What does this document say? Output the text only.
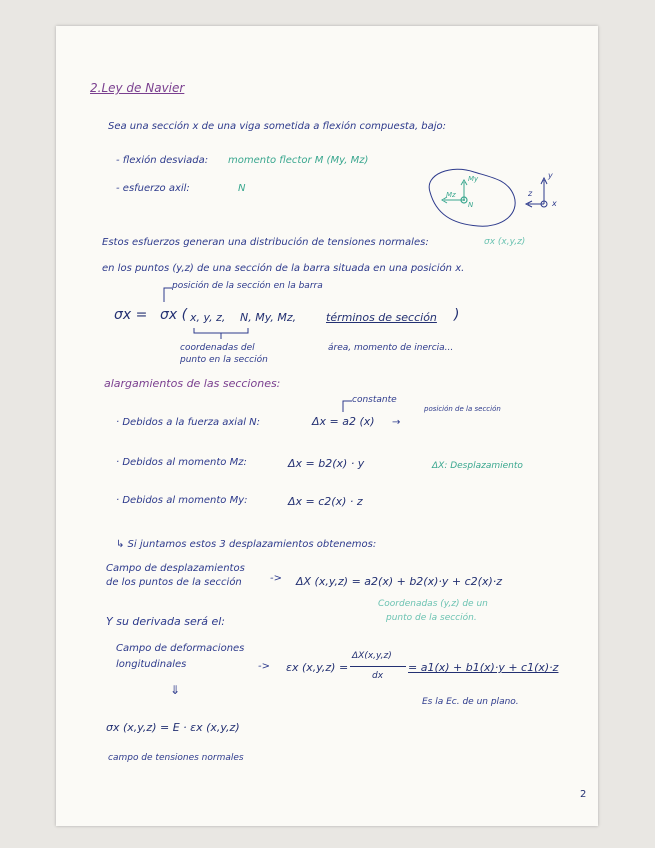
2.Ley de Navier
Sea una sección x de una viga sometida a flexión compuesta, bajo:
- flexión desviada: momento flector M (My, Mz)
- esfuerzo axil:	N
My
Mz
N
y
z
x
Estos esfuerzos generan una distribución de tensiones normales:	σx (x,y,z)
en los puntos (y,z) de una sección de la barra situada en una posición x.
posición de la sección en la barra
σx = σx ( x, y, z, N, My, Mz,	términos de sección )
coordenadas del
punto en la sección
área, momento de inercia...
alargamientos de las secciones:
constante
posición de la sección
· Debidos a la fuerza axial N:	Δx = a2 (x) →
· Debidos al momento Mz:	Δx = b2(x) · y	ΔX: Desplazamiento
· Debidos al momento My:	Δx = c2(x) · z
↳ Si juntamos estos 3 desplazamientos obtenemos:
Campo de desplazamientos
de los puntos de la sección	-> ΔX (x,y,z) = a2(x) + b2(x)·y + c2(x)·z
Coordenadas (y,z) de un
punto de la sección.
Y su derivada será el:
Campo de deformaciones
longitudinales	-> εx (x,y,z) =
ΔX(x,y,z)
dx
= a1(x) + b1(x)·y + c1(x)·z
Es la Ec. de un plano.
⇓
σx (x,y,z) = E · εx (x,y,z)
campo de tensiones normales
2
